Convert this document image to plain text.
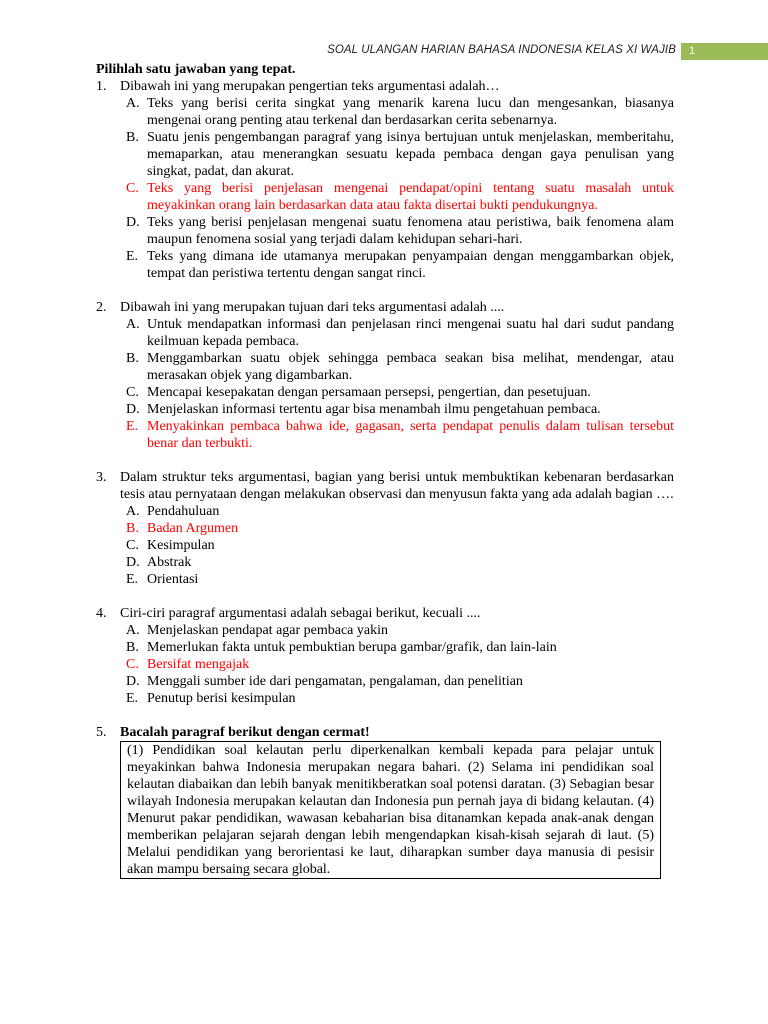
SOAL ULANGAN HARIAN BAHASA INDONESIA KELAS XI WAJIB	1

Pilihlah satu jawaban yang tepat.

1. Dibawah ini yang merupakan pengertian teks argumentasi adalah…
A. Teks yang berisi cerita singkat yang menarik karena lucu dan mengesankan, biasanya mengenai orang penting atau terkenal dan berdasarkan cerita sebenarnya.
B. Suatu jenis pengembangan paragraf yang isinya bertujuan untuk menjelaskan, memberitahu, memaparkan, atau menerangkan sesuatu kepada pembaca dengan gaya penulisan yang singkat, padat, dan akurat.
C. Teks yang berisi penjelasan mengenai pendapat/opini tentang suatu masalah untuk meyakinkan orang lain berdasarkan data atau fakta disertai bukti pendukungnya.
D. Teks yang berisi penjelasan mengenai suatu fenomena atau peristiwa, baik fenomena alam maupun fenomena sosial yang terjadi dalam kehidupan sehari-hari.
E. Teks yang dimana ide utamanya merupakan penyampaian dengan menggambarkan objek, tempat dan peristiwa tertentu dengan sangat rinci.
2. Dibawah ini yang merupakan tujuan dari teks argumentasi adalah ....
A. Untuk mendapatkan informasi dan penjelasan rinci mengenai suatu hal dari sudut pandang keilmuan kepada pembaca.
B. Menggambarkan suatu objek sehingga pembaca seakan bisa melihat, mendengar, atau merasakan objek yang digambarkan.
C. Mencapai kesepakatan dengan persamaan persepsi, pengertian, dan pesetujuan.
D. Menjelaskan informasi tertentu agar bisa menambah ilmu pengetahuan pembaca.
E. Menyakinkan pembaca bahwa ide, gagasan, serta pendapat penulis dalam tulisan tersebut benar dan terbukti.
3. Dalam struktur teks argumentasi, bagian yang berisi untuk membuktikan kebenaran berdasarkan tesis atau pernyataan dengan melakukan observasi dan menyusun fakta yang ada adalah bagian ….
A. Pendahuluan
B. Badan Argumen
C. Kesimpulan
D. Abstrak
E. Orientasi
4. Ciri-ciri paragraf argumentasi adalah sebagai berikut, kecuali ....
A. Menjelaskan pendapat agar pembaca yakin
B. Memerlukan fakta untuk pembuktian berupa gambar/grafik, dan lain-lain
C. Bersifat mengajak
D. Menggali sumber ide dari pengamatan, pengalaman, dan penelitian
E. Penutup berisi kesimpulan
5. Bacalah paragraf berikut dengan cermat!
(1) Pendidikan soal kelautan perlu diperkenalkan kembali kepada para pelajar untuk meyakinkan bahwa Indonesia merupakan negara bahari. (2) Selama ini pendidikan soal kelautan diabaikan dan lebih banyak menitikberatkan soal potensi daratan. (3) Sebagian besar wilayah Indonesia merupakan kelautan dan Indonesia pun pernah jaya di bidang kelautan. (4) Menurut pakar pendidikan, wawasan kebaharian bisa ditanamkan kepada anak-anak dengan memberikan pelajaran sejarah dengan lebih mengendapkan kisah-kisah sejarah di laut. (5) Melalui pendidikan yang berorientasi ke laut, diharapkan sumber daya manusia di pesisir akan mampu bersaing secara global.
